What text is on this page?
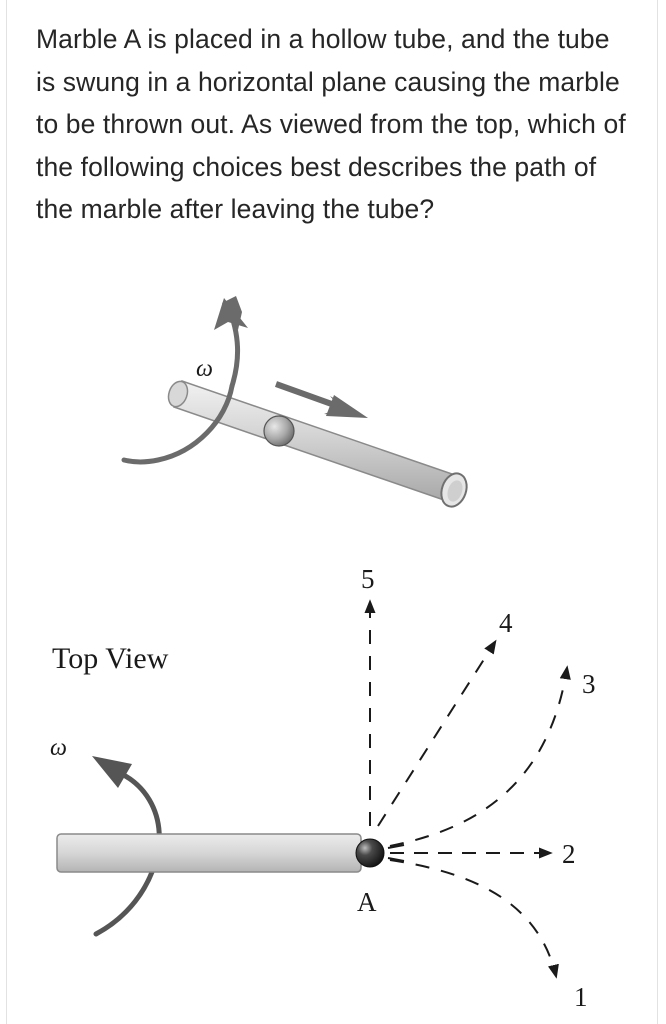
Marble A is placed in a hollow tube, and the tube is swung in a horizontal plane causing the marble to be thrown out. As viewed from the top, which of the following choices best describes the path of the marble after leaving the tube?

ω
Top View
ω
A
5
4
3
2
1
